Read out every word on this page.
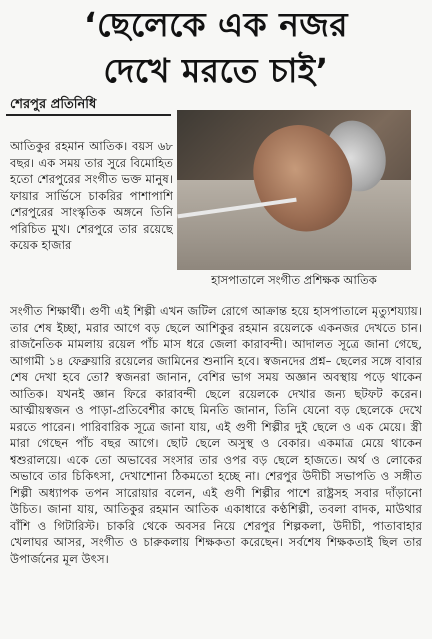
‘ছেলেকে এক নজর
দেখে মরতে চাই’
শেরপুর প্রতিনিধি
হাসপাতালে সংগীত প্রশিক্ষক আতিক
আতিকুর রহমান আতিক। বয়স ৬৮ বছর। এক সময় তার সুরে বিমোহিত হতো শেরপুরের সংগীত ভক্ত মানুষ। ফায়ার সার্ভিসে চাকরির পাশাপাশি শেরপুরের সাংস্কৃতিক অঙ্গনে তিনি পরিচিত মুখ। শেরপুরে তার রয়েছে কয়েক হাজার
সংগীত শিক্ষার্থী। গুণী এই শিল্পী এখন জটিল রোগে আক্রান্ত হয়ে হাসপাতালে মৃত্যুশয্যায়। তার শেষ ইচ্ছা, মরার আগে বড় ছেলে আশিকুর রহমান রয়েলকে একনজর দেখতে চান। রাজনৈতিক মামলায় রয়েল পাঁচ মাস ধরে জেলা কারাবন্দী। আদালত সূত্রে জানা গেছে, আগামী ১৪ ফেব্রুয়ারি রয়েলের জামিনের শুনানি হবে। স্বজনদের প্রশ্ন– ছেলের সঙ্গে বাবার শেষ দেখা হবে তো? স্বজনরা জানান, বেশির ভাগ সময় অজ্ঞান অবস্থায় পড়ে থাকেন আতিক। যখনই জ্ঞান ফিরে কারাবন্দী ছেলে রয়েলকে দেখার জন্য ছটফট করেন। আত্মীয়স্বজন ও পাড়া-প্রতিবেশীর কাছে মিনতি জানান, তিনি যেনো বড় ছেলেকে দেখে মরতে পারেন। পারিবারিক সূত্রে জানা যায়, এই গুণী শিল্পীর দুই ছেলে ও এক মেয়ে। স্ত্রী মারা গেছেন পাঁচ বছর আগে। ছোট ছেলে অসুস্থ ও বেকার। একমাত্র মেয়ে থাকেন শ্বশুরালয়ে। একে তো অভাবের সংসার তার ওপর বড় ছেলে হাজতে। অর্থ ও লোকের অভাবে তার চিকিৎসা, দেখাশোনা ঠিকমতো হচ্ছে না। শেরপুর উদীচী সভাপতি ও সঙ্গীত শিল্পী অধ্যাপক তপন সারোয়ার বলেন, এই গুণী শিল্পীর পাশে রাষ্ট্রসহ সবার দাঁড়ানো উচিত। জানা যায়, আতিকুর রহমান আতিক একাধারে কণ্ঠশিল্পী, তবলা বাদক, মাউথার বাঁশি ও গিটারিস্ট। চাকরি থেকে অবসর নিয়ে শেরপুর শিল্পকলা, উদীচী, পাতাবাহার খেলাঘর আসর, সংগীত ও চারুকলায় শিক্ষকতা করেছেন। সর্বশেষ শিক্ষকতাই ছিল তার উপার্জনের মূল উৎস।
